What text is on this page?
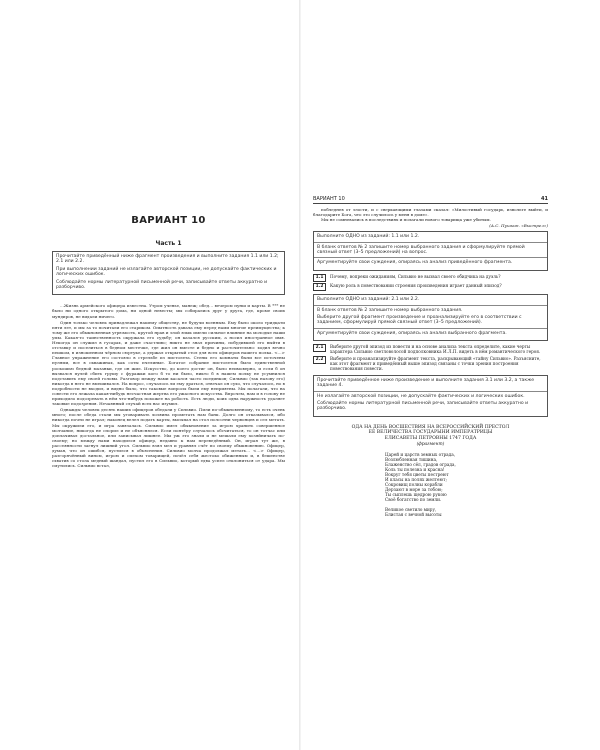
ВАРИАНТ 10
Часть 1

Прочитайте приведённый ниже фрагмент произведения и выполните задания 1.1 или 1.2; 2.1 или 2.2.

При выполнении заданий не излагайте авторской позиции, не допускайте фактических и логических ошибок.

Соблюдайте нормы литературной письменной речи, записывайте ответы аккуратно и разборчиво.

...Жизнь армейского офицера известна. Утром ученье, манеж; обед... вечером пунш и карты. В *** не было ни одного открытого дома, ни одной невесты; мы собирались друг у друга, где, кроме своих мундиров, не видали ничего.

Один только человек принадлежал нашему обществу, не будучи военным. Ему было около тридцати пяти лет, и мы за то почитали его стариком. Опытность давала ему перед нами многие преимущества; к тому же его обыкновенная угрюмость, крутой нрав и злой язык имели сильное влияние на молодые наши умы. Какая-то таинственность окружала его судьбу; он казался русским, а носил иностранное имя. Некогда он служил в гусарах, и даже счастливо; никто не знал причины, побудившей его выйти в отставку и поселиться в бедном местечке, где жил он вместе и бедно и расточительно: ходил вечно пешком, в изношенном чёрном сюртуке, а держал открытый стол для всех офицеров нашего полка. <...> Главное упражнение его состояло в стрельбе из пистолета. Стены его комнаты были все источены пулями, все в скважинах, как соты пчелиные. Богатое собрание пистолетов было единственной роскошью бедной мазанки, где он жил. Искусство, до коего достиг он, было неимоверно, и если б он вызвался пулей сбить грушу с фуражки кого б то ни было, никто б в нашем полку не усумнился подставить ему своей головы. Разговор между нами касался часто поединков; Сильвио (так назову его) никогда в него не вмешивался. На вопрос, случалось ли ему драться, отвечал он сухо, что случалось, но в подробности не входил, и видно было, что таковые вопросы были ему неприятны. Мы полагали, что на совести его лежала какая-нибудь несчастная жертва его ужасного искусства. Впрочем, нам и в голову не приходило подозревать в нём что-нибудь похожее на робость. Есть люди, коих одна наружность удаляет таковые подозрения. Нечаянный случай всех нас изумил.

Однажды человек десять наших офицеров обедали у Сильвио. Пили по-обыкновенному, то есть очень много; после обеда стали мы уговаривать хозяина прометать нам банк. Долго он отказывался, ибо никогда почти не играл; наконец велел подать карты, высыпал на стол полсотни червонцев и сел метать. Мы окружили его, и игра завязалась. Сильвио имел обыкновение за игрою хранить совершенное молчание, никогда не спорил и не объяснялся. Если понтёру случалось обсчитаться, то он тотчас или доплачивал достальное, или записывал лишнее. Мы уж это знали и не мешали ему хозяйничать по-своему; но между нами находился офицер, недавно к нам переведённый. Он, играя тут же, в рассеянности загнул лишний угол. Сильвио взял мел и уравнял счёт по своему обыкновению. Офицер, думая, что он ошибся, пустился в объяснения. Сильвио молча продолжал метать... <...> Офицер, разгорячённый вином, игрою и смехом товарищей, почёл себя жестоко обиженным и, в бешенстве схватив со стола медный шандал, пустил его в Сильвио, который едва успел отклониться от удара. Мы смутились. Сильвио встал,

ВАРИАНТ 10	41

побледнев от злости, и с сверкающими глазами сказал: «Милостивый государь, извольте выйти, и благодарите Бога, что это случилось у меня в доме».

Мы не сомневались в последствиях и полагали нового товарища уже убитым.

(А.С. Пушкин. «Выстрел»)

Выполните ОДНО из заданий: 1.1 или 1.2.

В бланк ответов № 2 запишите номер выбранного задания и сформулируйте прямой связный ответ (3–5 предложений) на вопрос.

Аргументируйте свои суждения, опираясь на анализ приведённого фрагмента.

1.1	Почему, вопреки ожиданиям, Сильвио не вызвал своего обидчика на дуэль?
1.2	Какую роль в повествовании строения произведения играет данный эпизод?

Выполните ОДНО из заданий: 2.1 или 2.2.

В бланк ответов № 2 запишите номер выбранного задания.

Выберите другой фрагмент произведение и проанализируйте его в соответствии с заданием, сформулируй прямой связный ответ (3–5 предложений).

Аргументируйте свои суждения, опираясь на анализ выбранного фрагмента.

2.1	Выберите другой эпизод из повести и на основе анализа текста определите, какие черты характера Сильвио светловолосой подполковника И.Л.П. видеть в нём романтического героя.
2.2	Выберите и проанализируйте фрагмент текста, раскрывающий «тайну Сильвио». Разъясните, как этот фрагмент и приведённый выше эпизод связаны с точки зрения построения повествования повести.

Прочитайте приведённое ниже произведение и выполните задания 3.1 или 3.2, а также задание 4.

Не излагайте авторской позиции, не допускайте фактических и логических ошибок.

Соблюдайте нормы литературной письменной речи, записывайте ответы аккуратно и разборчиво.

ОДА НА ДЕНЬ ВОСШЕСТВИЯ НА ВСЕРОССИЙСКИЙ ПРЕСТОЛ
ЕЕ ВЕЛИЧЕСТВА ГОСУДАРЫНИ ИМПЕРАТРИЦЫ
ЕЛИСАВЕТЫ ПЕТРОВНЫ 1747 ГОДА
(фрагмент)
Царей и царств земных отрада,
Возлюбленная тишина,
Блаженство сёл, градов ограда,
Коль ты полезна и красна!
Вокруг тебя цветы пестреют
И класы на полях желтеют;
Сокровищ полны корабли
Дерзают в море за тобою;
Ты сыплешь щедрою рукою
Своё богатство по земли.
Великое светило миру,
Блистая с вечной высоты
